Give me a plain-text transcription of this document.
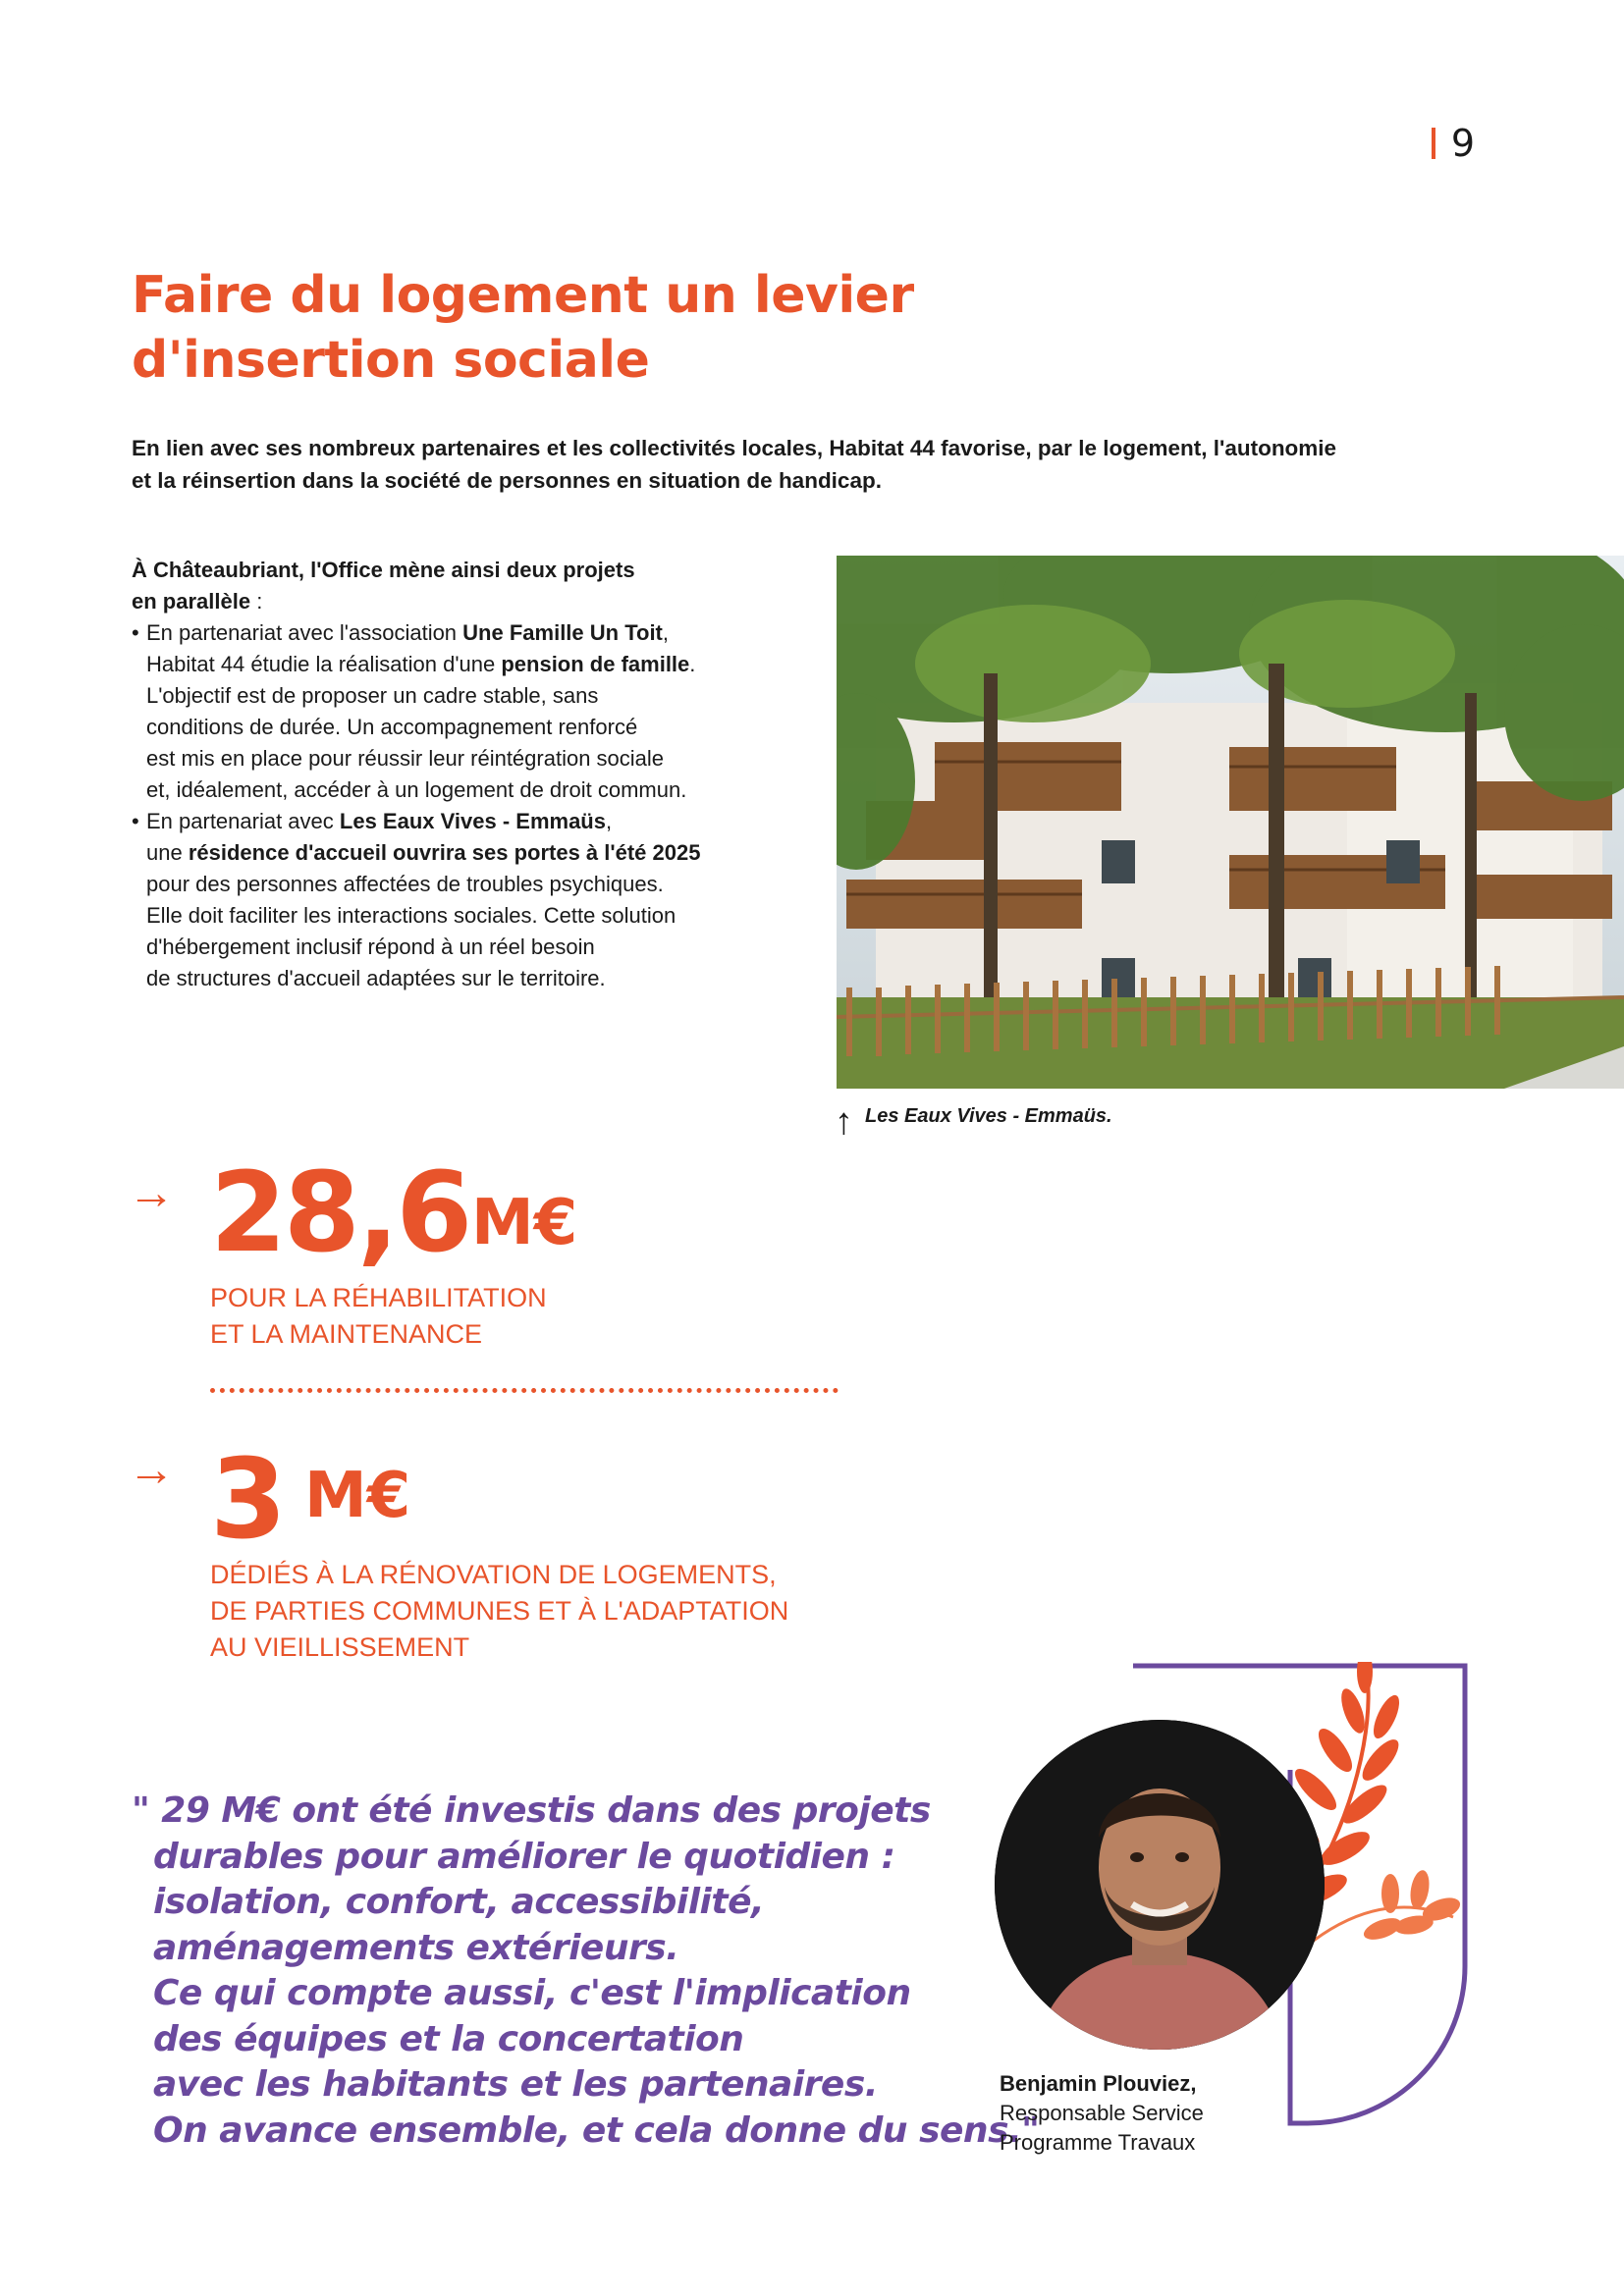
9
Faire du logement un levier
d'insertion sociale

En lien avec ses nombreux partenaires et les collectivités locales, Habitat 44 favorise, par le logement, l'autonomie
et la réinsertion dans la société de personnes en situation de handicap.

À Châteaubriant, l'Office mène ainsi deux projets
en parallèle :

• En partenariat avec l'association Une Famille Un Toit,
Habitat 44 étudie la réalisation d'une pension de famille.
L'objectif est de proposer un cadre stable, sans
conditions de durée. Un accompagnement renforcé
est mis en place pour réussir leur réintégration sociale
et, idéalement, accéder à un logement de droit commun.

• En partenariat avec Les Eaux Vives - Emmaüs,
une résidence d'accueil ouvrira ses portes à l'été 2025
pour des personnes affectées de troubles psychiques.
Elle doit faciliter les interactions sociales. Cette solution
d'hébergement inclusif répond à un réel besoin
de structures d'accueil adaptées sur le territoire.

↑ Les Eaux Vives - Emmaüs.
→ 28,6 M€
POUR LA RÉHABILITATION
ET LA MAINTENANCE
→ 3 M€
DÉDIÉS À LA RÉNOVATION DE LOGEMENTS,
DE PARTIES COMMUNES ET À L'ADAPTATION
AU VIEILLISSEMENT

" 29 M€ ont été investis dans des projets
durables pour améliorer le quotidien :
isolation, confort, accessibilité,
aménagements extérieurs.
Ce qui compte aussi, c'est l'implication
des équipes et la concertation
avec les habitants et les partenaires.
On avance ensemble, et cela donne du sens."

Benjamin Plouviez,
Responsable Service
Programme Travaux
